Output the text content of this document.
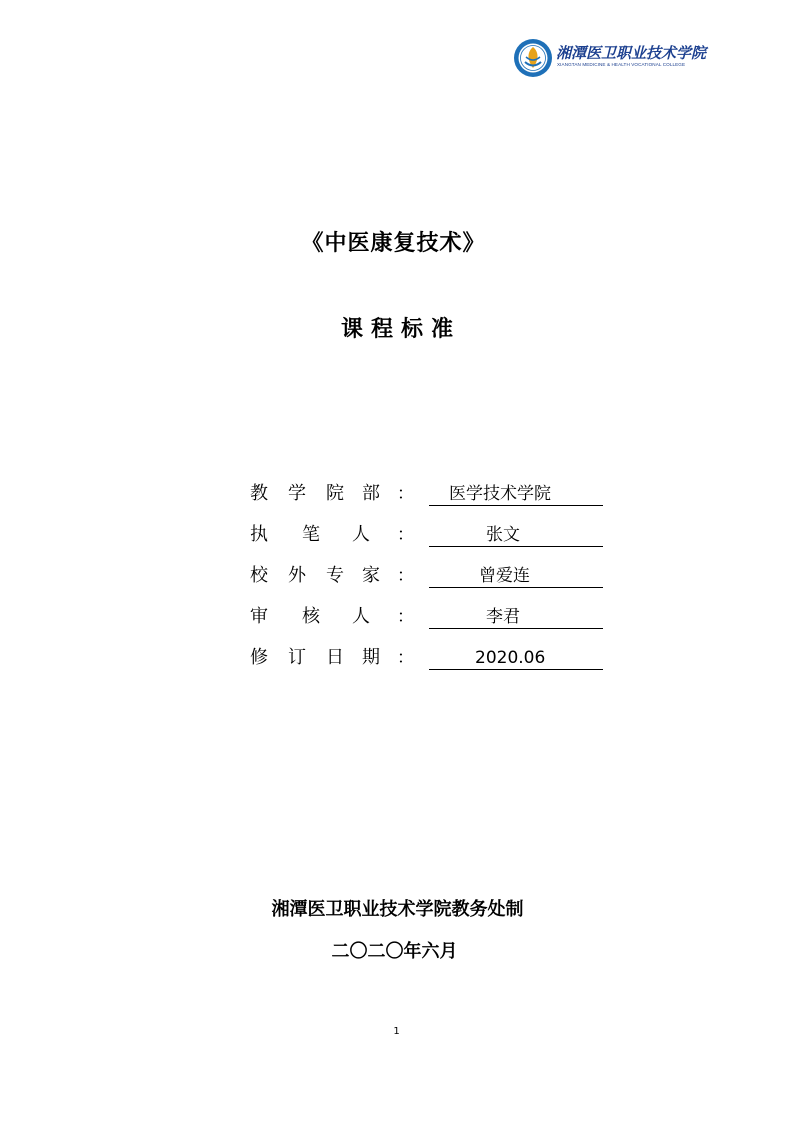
湘潭医卫职业技术学院
XIANGTAN MEDICINE & HEALTH VOCATIONAL COLLEGE
《中医康复技术》
课 程 标 准
教 学 院 部 ： 医学技术学院
执 笔 人 ：	张文
校 外 专 家 ：	曾爱连
审 核 人 ：	李君
修 订 日 期 ：	2020.06
湘潭医卫职业技术学院教务处制
二〇二〇年六月
1
